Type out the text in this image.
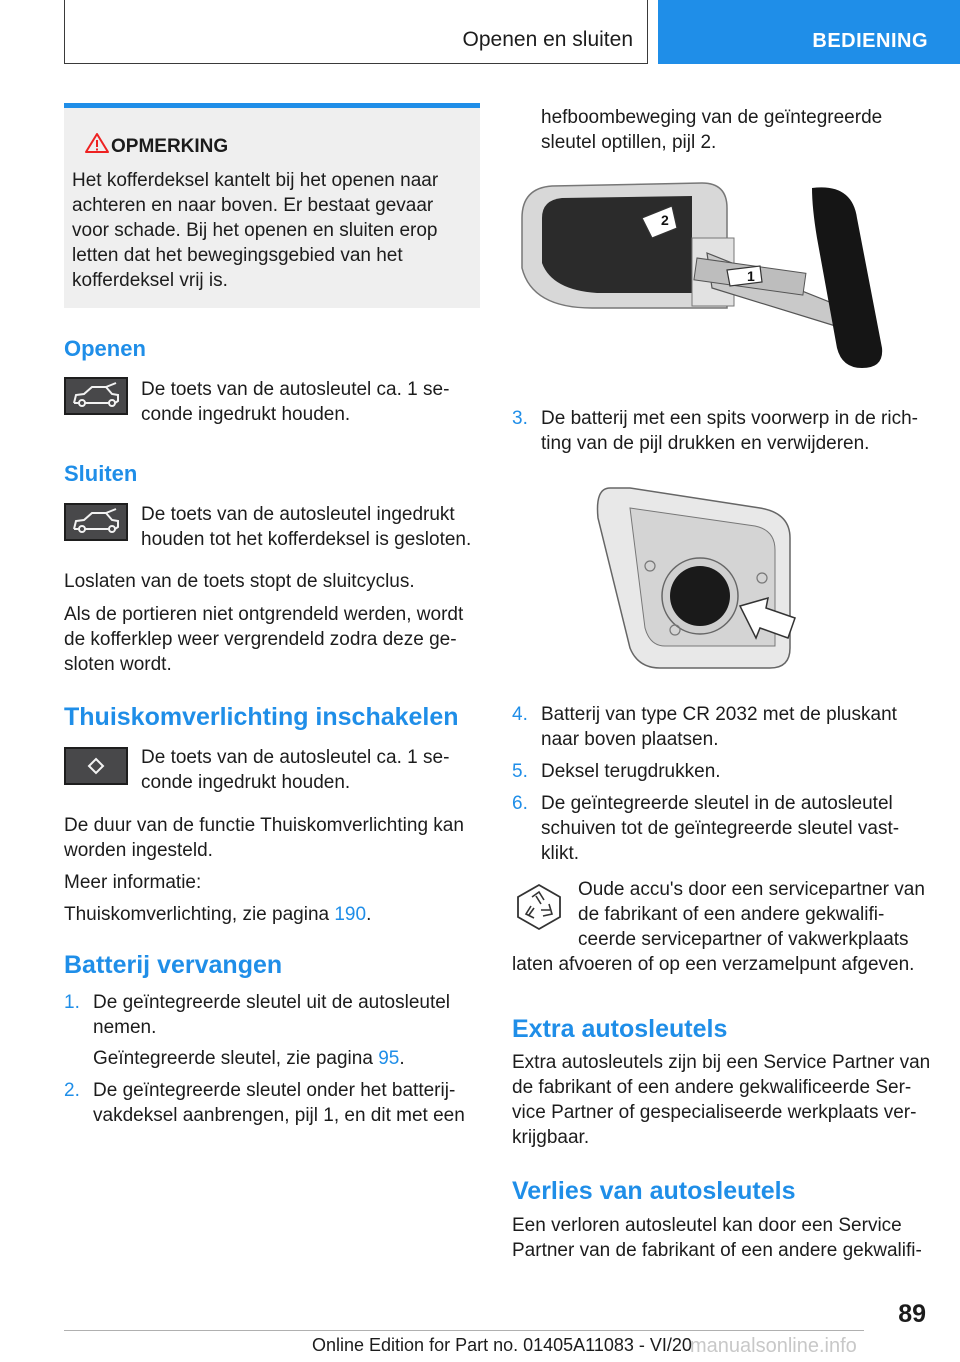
Openen en sluiten	BEDIENING
OPMERKING
Het kofferdeksel kantelt bij het openen naar achteren en naar boven. Er bestaat gevaar voor schade. Bij het openen en sluiten erop letten dat het bewegingsgebied van het kofferdeksel vrij is.
Openen
De toets van de autosleutel ca. 1 se-
conde ingedrukt houden.
Sluiten
De toets van de autosleutel ingedrukt
houden tot het kofferdeksel is gesloten.
Loslaten van de toets stopt de sluitcyclus.
Als de portieren niet ontgrendeld werden, wordt de kofferklep weer vergrendeld zodra deze ge-sloten wordt.
Thuiskomverlichting inschakelen
De toets van de autosleutel ca. 1 se-
conde ingedrukt houden.
De duur van de functie Thuiskomverlichting kan worden ingesteld.
Meer informatie:
Thuiskomverlichting, zie pagina 190.
Batterij vervangen
1. De geïntegreerde sleutel uit de autosleutel nemen.
Geïntegreerde sleutel, zie pagina 95.
2. De geïntegreerde sleutel onder het batterij-vakdeksel aanbrengen, pijl 1, en dit met een
hefboombeweging van de geïntegreerde sleutel optillen, pijl 2.
2
1
3. De batterij met een spits voorwerp in de rich-ting van de pijl drukken en verwijderen.
4. Batterij van type CR 2032 met de pluskant naar boven plaatsen.
5. Deksel terugdrukken.
6. De geïntegreerde sleutel in de autosleutel schuiven tot de geïntegreerde sleutel vast-klikt.
Oude accu's door een servicepartner van de fabrikant of een andere gekwalifi-ceerde servicepartner of vakwerkplaats
laten afvoeren of op een verzamelpunt afgeven.
Extra autosleutels
Extra autosleutels zijn bij een Service Partner van de fabrikant of een andere gekwalificeerde Ser-vice Partner of gespecialiseerde werkplaats ver-krijgbaar.
Verlies van autosleutels
Een verloren autosleutel kan door een Service Partner van de fabrikant of een andere gekwalifi-
89
Online Edition for Part no. 01405A11083 - VI/20
manualsonline.info
